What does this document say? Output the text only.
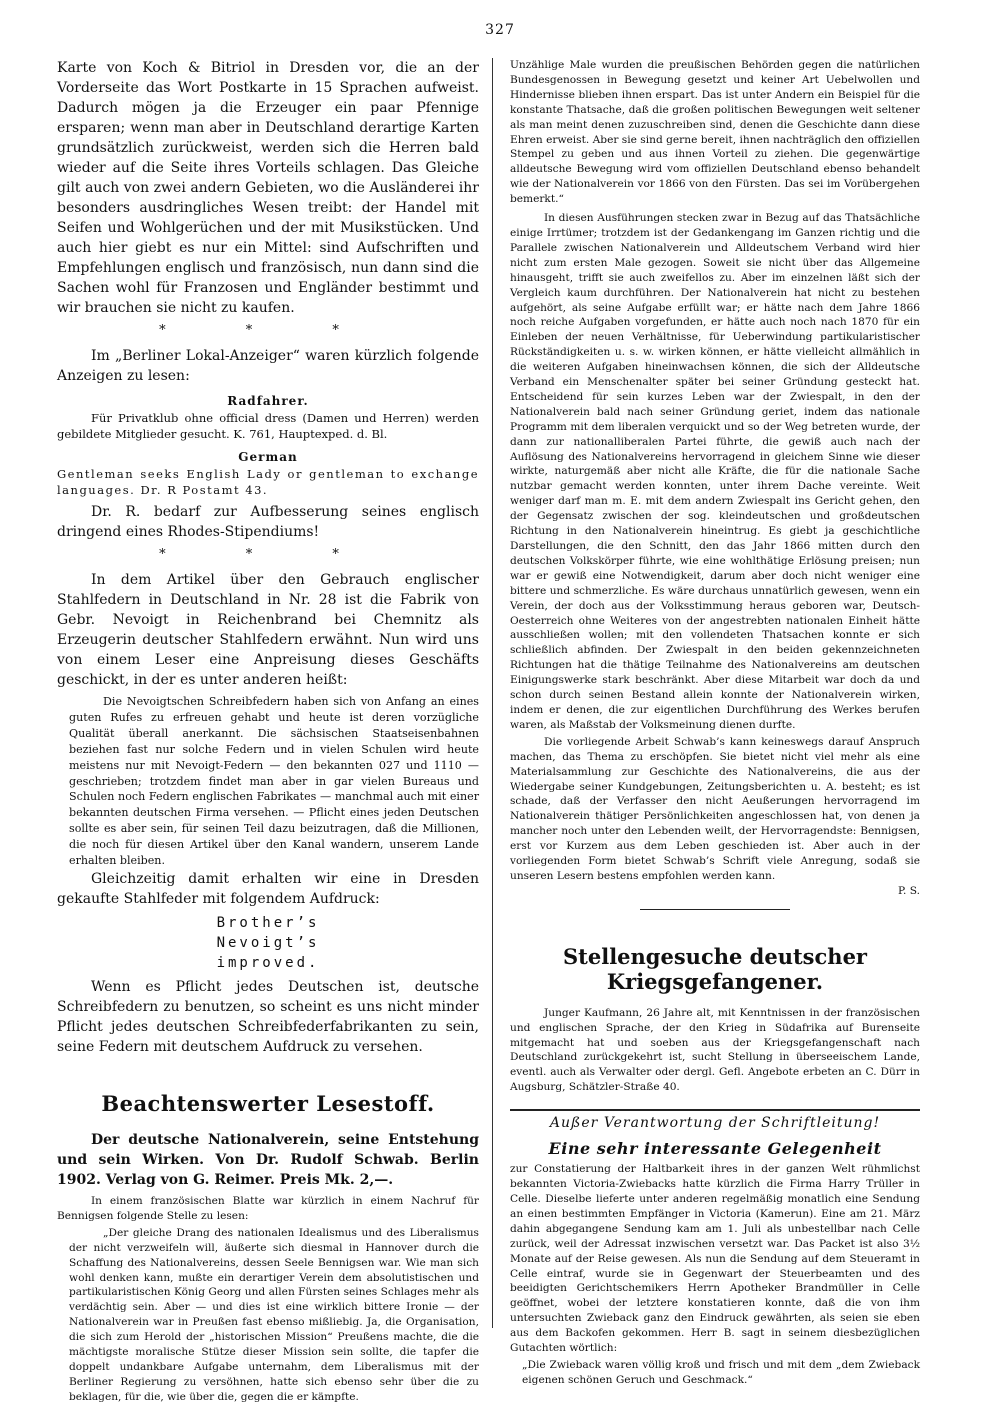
327

Karte von Koch & Bitriol in Dresden vor, die an der Vorderseite das Wort Postkarte in 15 Sprachen aufweist. Dadurch mögen ja die Erzeuger ein paar Pfennige ersparen; wenn man aber in Deutschland derartige Karten grundsätzlich zurückweist, werden sich die Herren bald wieder auf die Seite ihres Vorteils schlagen. Das Gleiche gilt auch von zwei andern Gebieten, wo die Ausländerei ihr besonders ausdringliches Wesen treibt: der Handel mit Seifen und Wohlgerüchen und der mit Musikstücken. Und auch hier giebt es nur ein Mittel: sind Aufschriften und Empfehlungen englisch und französisch, nun dann sind die Sachen wohl für Franzosen und Engländer bestimmt und wir brauchen sie nicht zu kaufen.

* * *

Im „Berliner Lokal-Anzeiger“ waren kürzlich folgende Anzeigen zu lesen:

Radfahrer.

Für Privatklub ohne official dress (Damen und Herren) werden gebildete Mitglieder gesucht. K. 761, Hauptexped. d. Bl.

German

Gentleman seeks English Lady or gentleman to exchange languages. Dr. R Postamt 43.

Dr. R. bedarf zur Aufbesserung seines englisch dringend eines Rhodes-Stipendiums!

* * *

In dem Artikel über den Gebrauch englischer Stahlfedern in Deutschland in Nr. 28 ist die Fabrik von Gebr. Nevoigt in Reichenbrand bei Chemnitz als Erzeugerin deutscher Stahlfedern erwähnt. Nun wird uns von einem Leser eine Anpreisung dieses Geschäfts geschickt, in der es unter anderen heißt:

Die Nevoigtschen Schreibfedern haben sich von Anfang an eines guten Rufes zu erfreuen gehabt und heute ist deren vorzügliche Qualität überall anerkannt. Die sächsischen Staatseisenbahnen beziehen fast nur solche Federn und in vielen Schulen wird heute meistens nur mit Nevoigt-Federn — den bekannten 027 und 1110 — geschrieben; trotzdem findet man aber in gar vielen Bureaus und Schulen noch Federn englischen Fabrikates — manchmal auch mit einer bekannten deutschen Firma versehen. — Pflicht eines jeden Deutschen sollte es aber sein, für seinen Teil dazu beizutragen, daß die Millionen, die noch für diesen Artikel über den Kanal wandern, unserem Lande erhalten bleiben.

Gleichzeitig damit erhalten wir eine in Dresden gekaufte Stahlfeder mit folgendem Aufdruck:

Brother’s
Nevoigt’s
improved.

Wenn es Pflicht jedes Deutschen ist, deutsche Schreibfedern zu benutzen, so scheint es uns nicht minder Pflicht jedes deutschen Schreibfederfabrikanten zu sein, seine Federn mit deutschem Aufdruck zu versehen.

Beachtenswerter Lesestoff.

Der deutsche Nationalverein, seine Entstehung und sein Wirken. Von Dr. Rudolf Schwab. Berlin 1902. Verlag von G. Reimer. Preis Mk. 2,—.

In einem französischen Blatte war kürzlich in einem Nachruf für Bennigsen folgende Stelle zu lesen:

„Der gleiche Drang des nationalen Idealismus und des Liberalismus der nicht verzweifeln will, äußerte sich diesmal in Hannover durch die Schaffung des Nationalvereins, dessen Seele Bennigsen war. Wie man sich wohl denken kann, mußte ein derartiger Verein dem absolutistischen und partikularistischen König Georg und allen Fürsten seines Schlages mehr als verdächtig sein. Aber — und dies ist eine wirklich bittere Ironie — der Nationalverein war in Preußen fast ebenso mißliebig. Ja, die Organisation, die sich zum Herold der „historischen Mission“ Preußens machte, die die mächtigste moralische Stütze dieser Mission sein sollte, die tapfer die doppelt undankbare Aufgabe unternahm, dem Liberalismus mit der Berliner Regierung zu versöhnen, hatte sich ebenso sehr über die zu beklagen, für die, wie über die, gegen die er kämpfte.

Unzählige Male wurden die preußischen Behörden gegen die natürlichen Bundesgenossen in Bewegung gesetzt und keiner Art Uebelwollen und Hindernisse blieben ihnen erspart. Das ist unter Andern ein Beispiel für die konstante Thatsache, daß die großen politischen Bewegungen weit seltener als man meint denen zuzuschreiben sind, denen die Geschichte dann diese Ehren erweist. Aber sie sind gerne bereit, ihnen nachträglich den offiziellen Stempel zu geben und aus ihnen Vorteil zu ziehen. Die gegenwärtige alldeutsche Bewegung wird vom offiziellen Deutschland ebenso behandelt wie der Nationalverein vor 1866 von den Fürsten. Das sei im Vorübergehen bemerkt.“

In diesen Ausführungen stecken zwar in Bezug auf das Thatsächliche einige Irrtümer; trotzdem ist der Gedankengang im Ganzen richtig und die Parallele zwischen Nationalverein und Alldeutschem Verband wird hier nicht zum ersten Male gezogen. Soweit sie nicht über das Allgemeine hinausgeht, trifft sie auch zweifellos zu. Aber im einzelnen läßt sich der Vergleich kaum durchführen. Der Nationalverein hat nicht zu bestehen aufgehört, als seine Aufgabe erfüllt war; er hätte nach dem Jahre 1866 noch reiche Aufgaben vorgefunden, er hätte auch noch nach 1870 für ein Einleben der neuen Verhältnisse, für Ueberwindung partikularistischer Rückständigkeiten u. s. w. wirken können, er hätte vielleicht allmählich in die weiteren Aufgaben hineinwachsen können, die sich der Alldeutsche Verband ein Menschenalter später bei seiner Gründung gesteckt hat. Entscheidend für sein kurzes Leben war der Zwiespalt, in den der Nationalverein bald nach seiner Gründung geriet, indem das nationale Programm mit dem liberalen verquickt und so der Weg betreten wurde, der dann zur nationalliberalen Partei führte, die gewiß auch nach der Auflösung des Nationalvereins hervorragend in gleichem Sinne wie dieser wirkte, naturgemäß aber nicht alle Kräfte, die für die nationale Sache nutzbar gemacht werden konnten, unter ihrem Dache vereinte. Weit weniger darf man m. E. mit dem andern Zwiespalt ins Gericht gehen, den der Gegensatz zwischen der sog. kleindeutschen und großdeutschen Richtung in den Nationalverein hineintrug. Es giebt ja geschichtliche Darstellungen, die den Schnitt, den das Jahr 1866 mitten durch den deutschen Volkskörper führte, wie eine wohlthätige Erlösung preisen; nun war er gewiß eine Notwendigkeit, darum aber doch nicht weniger eine bittere und schmerzliche. Es wäre durchaus unnatürlich gewesen, wenn ein Verein, der doch aus der Volksstimmung heraus geboren war, Deutsch-Oesterreich ohne Weiteres von der angestrebten nationalen Einheit hätte ausschließen wollen; mit den vollendeten Thatsachen konnte er sich schließlich abfinden. Der Zwiespalt in den beiden gekennzeichneten Richtungen hat die thätige Teilnahme des Nationalvereins am deutschen Einigungswerke stark beschränkt. Aber diese Mitarbeit war doch da und schon durch seinen Bestand allein konnte der Nationalverein wirken, indem er denen, die zur eigentlichen Durchführung des Werkes berufen waren, als Maßstab der Volksmeinung dienen durfte.

Die vorliegende Arbeit Schwab’s kann keineswegs darauf Anspruch machen, das Thema zu erschöpfen. Sie bietet nicht viel mehr als eine Materialsammlung zur Geschichte des Nationalvereins, die aus der Wiedergabe seiner Kundgebungen, Zeitungsberichten u. A. besteht; es ist schade, daß der Verfasser den nicht Aeußerungen hervorragend im Nationalverein thätiger Persönlichkeiten angeschlossen hat, von denen ja mancher noch unter den Lebenden weilt, der Hervorragendste: Bennigsen, erst vor Kurzem aus dem Leben geschieden ist. Aber auch in der vorliegenden Form bietet Schwab’s Schrift viele Anregung, sodaß sie unseren Lesern bestens empfohlen werden kann.

P. S.

Stellengesuche deutscher Kriegsgefangener.

Junger Kaufmann, 26 Jahre alt, mit Kenntnissen in der französischen und englischen Sprache, der den Krieg in Südafrika auf Burenseite mitgemacht hat und soeben aus der Kriegsgefangenschaft nach Deutschland zurückgekehrt ist, sucht Stellung in überseeischem Lande, eventl. auch als Verwalter oder dergl. Gefl. Angebote erbeten an C. Dürr in Augsburg, Schätzler-Straße 40.

Außer Verantwortung der Schriftleitung!
Eine sehr interessante Gelegenheit

zur Constatierung der Haltbarkeit ihres in der ganzen Welt rühmlichst bekannten Victoria-Zwiebacks hatte kürzlich die Firma Harry Trüller in Celle. Dieselbe lieferte unter anderen regelmäßig monatlich eine Sendung an einen bestimmten Empfänger in Victoria (Kamerun). Eine am 21. März dahin abgegangene Sendung kam am 1. Juli als unbestellbar nach Celle zurück, weil der Adressat inzwischen versetzt war. Das Packet ist also 3½ Monate auf der Reise gewesen. Als nun die Sendung auf dem Steueramt in Celle eintraf, wurde sie in Gegenwart der Steuerbeamten und des beeidigten Gerichtschemikers Herrn Apotheker Brandmüller in Celle geöffnet, wobei der letztere konstatieren konnte, daß die von ihm untersuchten Zwieback ganz den Eindruck gewährten, als seien sie eben aus dem Backofen gekommen. Herr B. sagt in seinem diesbezüglichen Gutachten wörtlich:

„Die Zwieback waren völlig kroß und frisch und mit dem „dem Zwieback eigenen schönen Geruch und Geschmack.“
